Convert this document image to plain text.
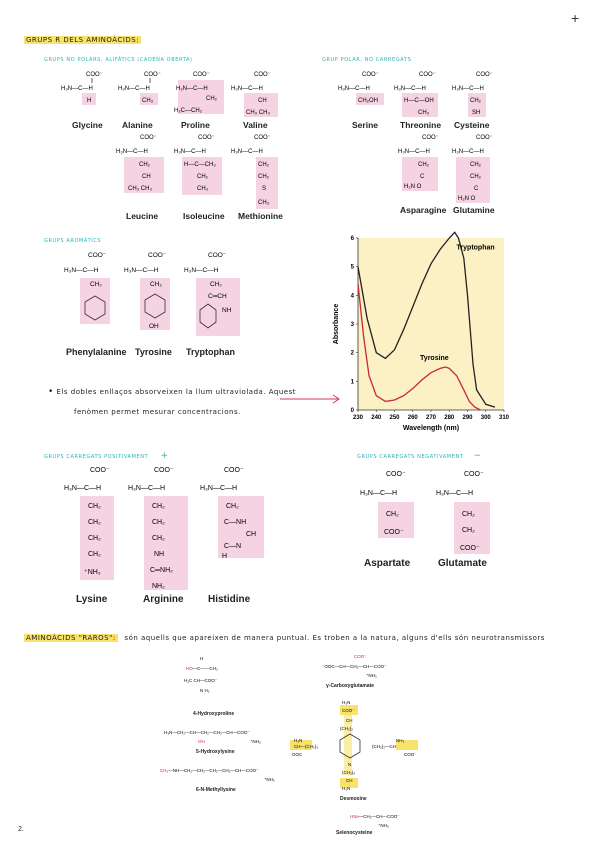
+
GRUPS R DELS AMINOÀCIDS:
GRUPS NO POLARS, ALIFÀTICS (CADENA OBERTA)	GRUP POLAR, NO CARREGATS
COO⁻
H₃N—C—H
H
COO⁻
H₃N—C—H
CH₃
COO⁻
H₂N—C—H
CH₂
H₂C—CH₂
COO⁻
H₃N—C—H
CH
CH₃ CH₃
COO⁻
H₃N—C—H
CH₂
CH
CH₃ CH₃
COO⁻
H₃N—C—H
H—C—CH₃
CH₂
CH₃
COO⁻
H₃N—C—H
CH₂
CH₂
S
CH₃
Glycine Alanine	Proline	Valine
Leucine	Isoleucine Methionine
COO⁻
H₃N—C—H
CH₂OH
COO⁻
H₃N—C—H
H—C—OH
CH₃
COO⁻
H₃N—C—H
CH₂
SH
COO⁻
H₃N—C—H
CH₂
C
H₂N O
COO⁻
H₃N—C—H
CH₂
CH₂
C
H₂N O
Serine	Threonine Cysteine
Asparagine Glutamine
GRUPS AROMÀTICS
COO⁻
H₃N—C—H
CH₂
COO⁻
H₃N—C—H
CH₂
OH
COO⁻
H₃N—C—H
CH₂
C═CH
NH
Phenylalanine Tyrosine Tryptophan
• Els dobles enllaços absorveixen la llum ultraviolada. Aquest
fenòmen permet mesurar concentracions.
230 240 250 260 270 280 290 300 310
0
1
2
3
4
5
6
Absorbance
Wavelength (nm)
Tryptophan
Tyrosine
GRUPS CARREGATS POSITIVAMENT +	GRUPS CARREGATS NEGATIVAMENT −
COO⁻
H₃N—C—H
CH₂
CH₂
CH₂
CH₂
⁺NH₃
COO⁻
H₃N—C—H
CH₂
CH₂
CH₂
NH
C═NH₂
NH₂
COO⁻
H₃N—C—H
CH₂
C—NH
CH
C—N
H
Lysine	Arginine Histidine
COO⁻
H₃N—C—H
CH₂
COO⁻
COO⁻
H₃N—C—H
CH₂
CH₂
COO⁻
Aspartate	Glutamate
AMINOÀCIDS "RAROS": són aquells que apareixen de manera puntual. Es troben a la natura, alguns d'ells són neurotransmissors
H
HO—C——CH₂
H₂C CH—COO⁻
N H₂
H₃N—CH₂—CH—CH₂—CH₂—CH—COO⁻
OH	⁺NH₃
CH₃—NH—CH₂—CH₂—CH₂—CH₂—CH—COO⁻
⁺NH₃
COO⁻
⁻OOC—CH—CH₂—CH—COO⁻
⁺NH₃
H₃N
COO⁻
CH
(CH₂)₂
H₃N	NH₃
CH—(CH₂)₃	(CH₂)₂—CH
OOC	COO⁻
N
(CH₂)₄
CH
H₃N
HSe—CH₂—CH—COO⁻
⁺NH₃
4-Hydroxyproline
5-Hydroxylysine
6-N-Methyllysine
γ-Carboxyglutamate
Desmosine
Selenocysteine
2.
